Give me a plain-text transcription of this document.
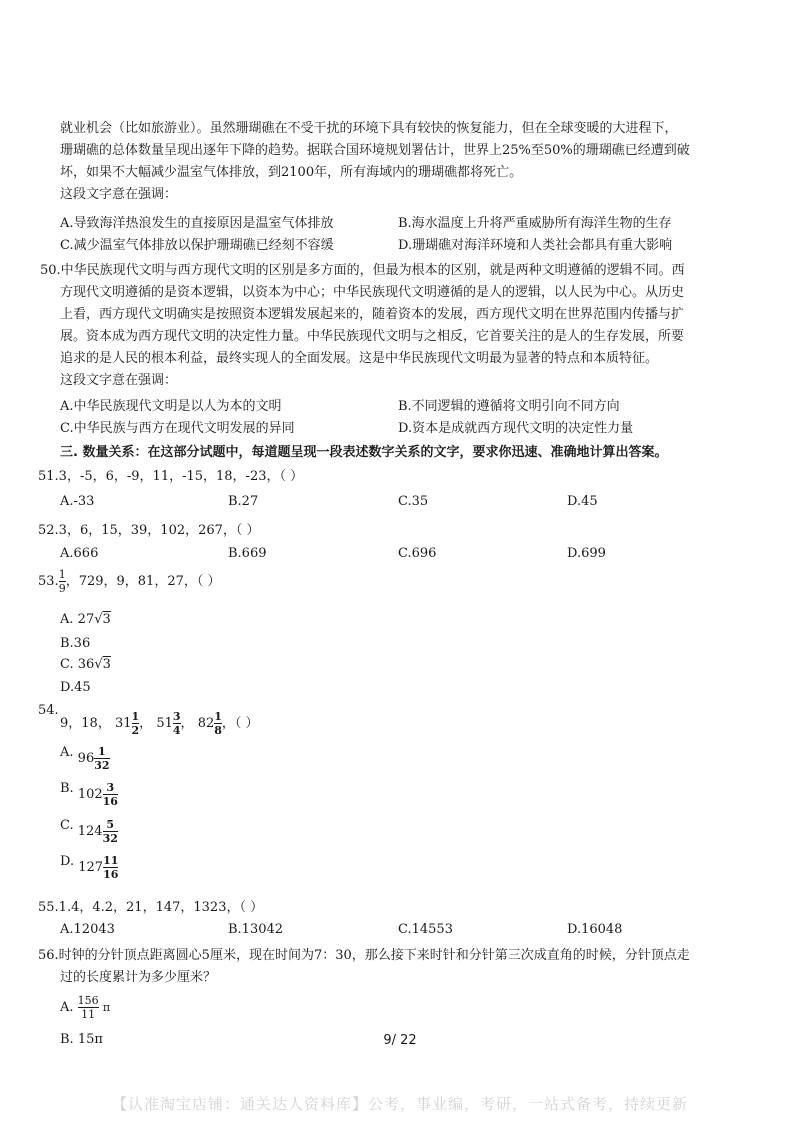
就业机会（比如旅游业）。虽然珊瑚礁在不受干扰的环境下具有较快的恢复能力，但在全球变暖的大进程下，
珊瑚礁的总体数量呈现出逐年下降的趋势。据联合国环境规划署估计，世界上25%至50%的珊瑚礁已经遭到破
坏，如果不大幅减少温室气体排放，到2100年，所有海域内的珊瑚礁都将死亡。
这段文字意在强调：
A.导致海洋热浪发生的直接原因是温室气体排放	B.海水温度上升将严重威胁所有海洋生物的生存
C.减少温室气体排放以保护珊瑚礁已经刻不容缓	D.珊瑚礁对海洋环境和人类社会都具有重大影响
50.中华民族现代文明与西方现代文明的区别是多方面的，但最为根本的区别，就是两种文明遵循的逻辑不同。西
方现代文明遵循的是资本逻辑，以资本为中心；中华民族现代文明遵循的是人的逻辑，以人民为中心。从历史
上看，西方现代文明确实是按照资本逻辑发展起来的，随着资本的发展，西方现代文明在世界范围内传播与扩
展。资本成为西方现代文明的决定性力量。中华民族现代文明与之相反，它首要关注的是人的生存发展，所要
追求的是人民的根本利益，最终实现人的全面发展。这是中华民族现代文明最为显著的特点和本质特征。
这段文字意在强调：
A.中华民族现代文明是以人为本的文明	B.不同逻辑的遵循将文明引向不同方向
C.中华民族与西方在现代文明发展的异同	D.资本是成就西方现代文明的决定性力量
三. 数量关系：在这部分试题中，每道题呈现一段表述数字关系的文字，要求你迅速、准确地计算出答案。
51.3，-5，6，-9，11，-15，18，-23，（ ）
A.-33	B.27	C.35	D.45
52.3，6，15，39，102，267，（ ）
A.666	B.669	C.696	D.699
53. $\frac{1}{9}$ ，729，9，81，27，（ ）
A. 27√3
B.36
C. 36√3
D.45
54.
9，18， $31 \frac{1}{2}$ ， $51 \frac{3}{4}$ ， $82 \frac{1}{8}$ ，（ ）
A. $96 \frac{1}{32}$
B. $102 \frac{3}{16}$
C. $124 \frac{5}{32}$
D. $127 \frac{11}{16}$
55.1.4，4.2，21，147，1323，（ ）
A.12043	B.13042	C.14553	D.16048
56.时钟的分针顶点距离圆心5厘米，现在时间为7：30，那么接下来时针和分针第三次成直角的时候，分针顶点走
过的长度累计为多少厘米？
A. $\frac{156}{11}$ π
B. 15π	9/ 22
【认准淘宝店铺：通关达人资料库】公考，事业编，考研，一站式备考，持续更新
